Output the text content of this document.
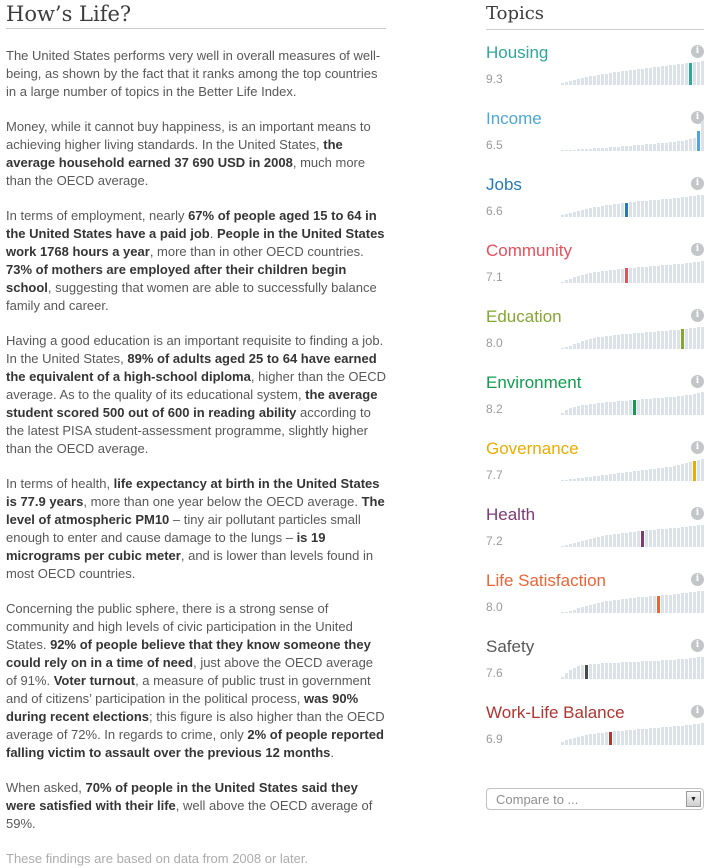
How’s Life?

The United States performs very well in overall measures of well-being, as shown by the fact that it ranks among the top countries in a large number of topics in the Better Life Index.

Money, while it cannot buy happiness, is an important means to achieving higher living standards. In the United States, the average household earned 37 690 USD in 2008, much more than the OECD average.

In terms of employment, nearly 67% of people aged 15 to 64 in the United States have a paid job. People in the United States work 1768 hours a year, more than in other OECD countries. 73% of mothers are employed after their children begin school, suggesting that women are able to successfully balance family and career.

Having a good education is an important requisite to finding a job. In the United States, 89% of adults aged 25 to 64 have earned the equivalent of a high-school diploma, higher than the OECD average. As to the quality of its educational system, the average student scored 500 out of 600 in reading ability according to the latest PISA student-assessment programme, slightly higher than the OECD average.

In terms of health, life expectancy at birth in the United States is 77.9 years, more than one year below the OECD average. The level of atmospheric PM10 – tiny air pollutant particles small enough to enter and cause damage to the lungs – is 19 micrograms per cubic meter, and is lower than levels found in most OECD countries.

Concerning the public sphere, there is a strong sense of community and high levels of civic participation in the United States. 92% of people believe that they know someone they could rely on in a time of need, just above the OECD average of 91%. Voter turnout, a measure of public trust in government and of citizens’ participation in the political process, was 90% during recent elections; this figure is also higher than the OECD average of 72%. In regards to crime, only 2% of people reported falling victim to assault over the previous 12 months.

When asked, 70% of people in the United States said they were satisfied with their life, well above the OECD average of 59%.

These findings are based on data from 2008 or later.

Topics
Housing	i
9.3
Income	i
6.5
Jobs	i
6.6
Community	i
7.1
Education	i
8.0
Environment	i
8.2
Governance	i
7.7
Health	i
7.2
Life Satisfaction	i
8.0
Safety	i
7.6
Work-Life Balance	i
6.9
Compare to ...	▼
